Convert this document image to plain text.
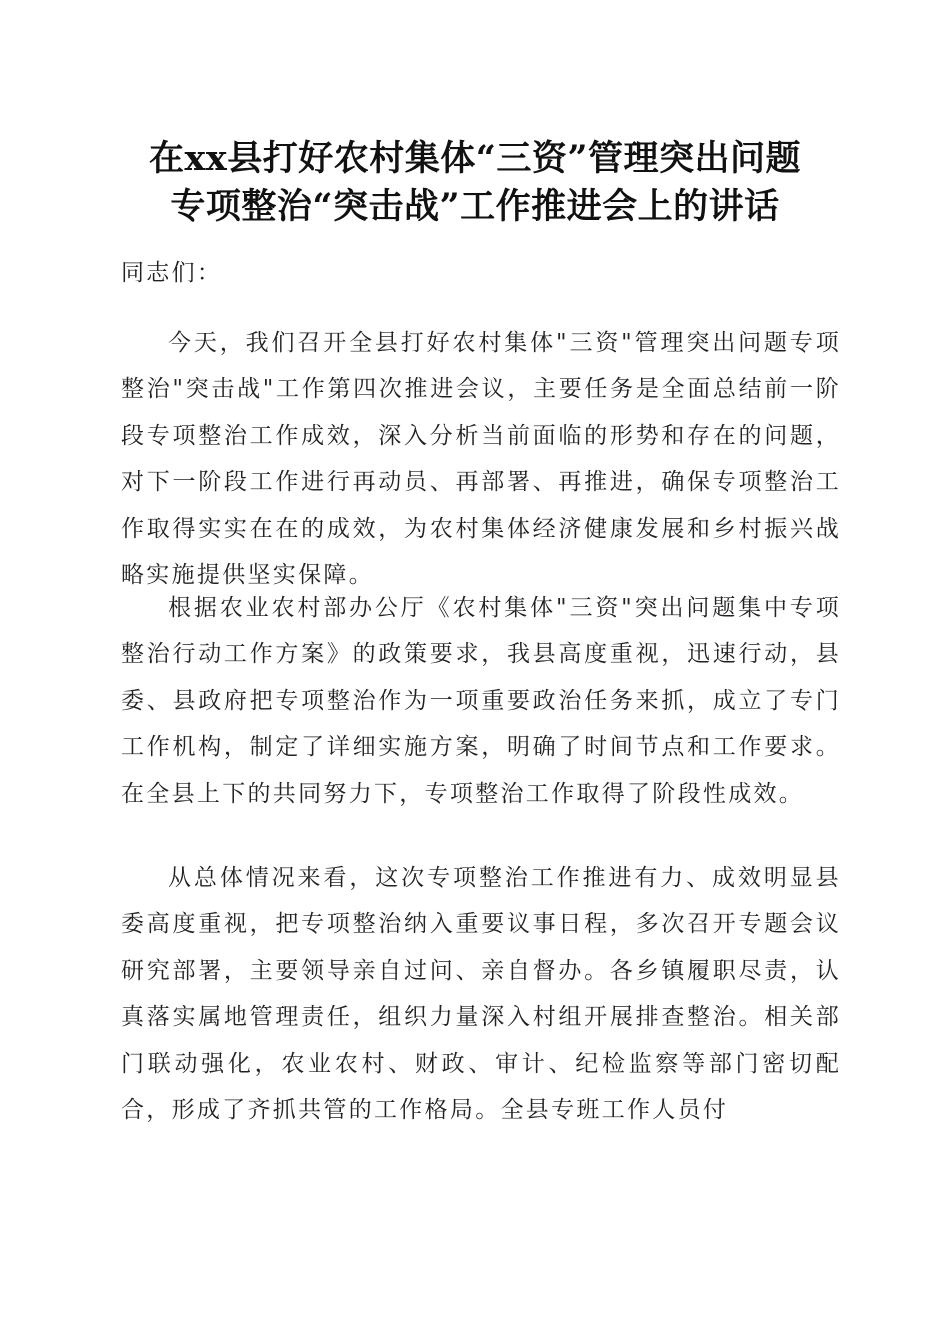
在xx县打好农村集体“三资”管理突出问题
专项整治“突击战”工作推进会上的讲话

同志们：

今天，我们召开全县打好农村集体"三资"管理突出问题专项整治"突击战"工作第四次推进会议，主要任务是全面总结前一阶段专项整治工作成效，深入分析当前面临的形势和存在的问题，对下一阶段工作进行再动员、再部署、再推进，确保专项整治工作取得实实在在的成效，为农村集体经济健康发展和乡村振兴战略实施提供坚实保障。

根据农业农村部办公厅《农村集体"三资"突出问题集中专项整治行动工作方案》的政策要求，我县高度重视，迅速行动，县委、县政府把专项整治作为一项重要政治任务来抓，成立了专门工作机构，制定了详细实施方案，明确了时间节点和工作要求。在全县上下的共同努力下，专项整治工作取得了阶段性成效。

从总体情况来看，这次专项整治工作推进有力、成效明显县委高度重视，把专项整治纳入重要议事日程，多次召开专题会议研究部署，主要领导亲自过问、亲自督办。各乡镇履职尽责，认真落实属地管理责任，组织力量深入村组开展排查整治。相关部门联动强化，农业农村、财政、审计、纪检监察等部门密切配合，形成了齐抓共管的工作格局。全县专班工作人员付
